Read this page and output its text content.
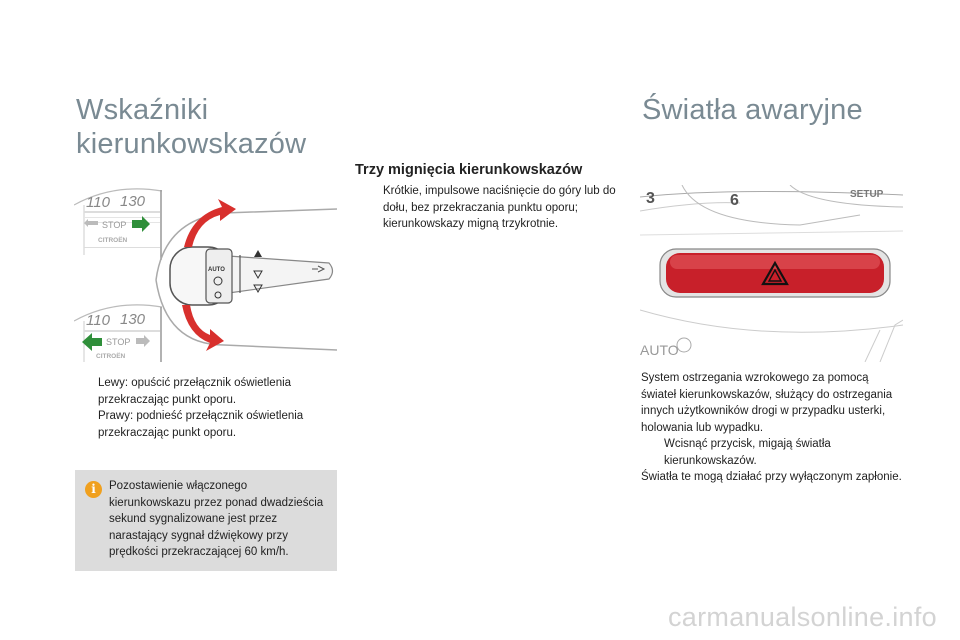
Wskaźniki
kierunkowskazów
110 130
STOP
CITROËN
110 130
STOP
CITROËN
AUTO
Lewy: opuścić przełącznik oświetlenia przekraczając punkt oporu.
Prawy: podnieść przełącznik oświetlenia przekraczając punkt oporu.
i	Pozostawienie włączonego kierunkowskazu przez ponad dwadzieścia sekund sygnalizowane jest przez narastający sygnał dźwiękowy przy prędkości przekraczającej 60 km/h.
Trzy mignięcia kierunkowskazów
Krótkie, impulsowe naciśnięcie do góry lub do dołu, bez przekraczania punktu oporu; kierunkowskazy migną trzykrotnie.
Światła awaryjne
3	6	SETUP
AUTO
System ostrzegania wzrokowego za pomocą świateł kierunkowskazów, służący do ostrzegania innych użytkowników drogi w przypadku usterki, holowania lub wypadku.
Wcisnąć przycisk, migają światła kierunkowskazów.
Światła te mogą działać przy wyłączonym zapłonie.
carmanualsonline.info
